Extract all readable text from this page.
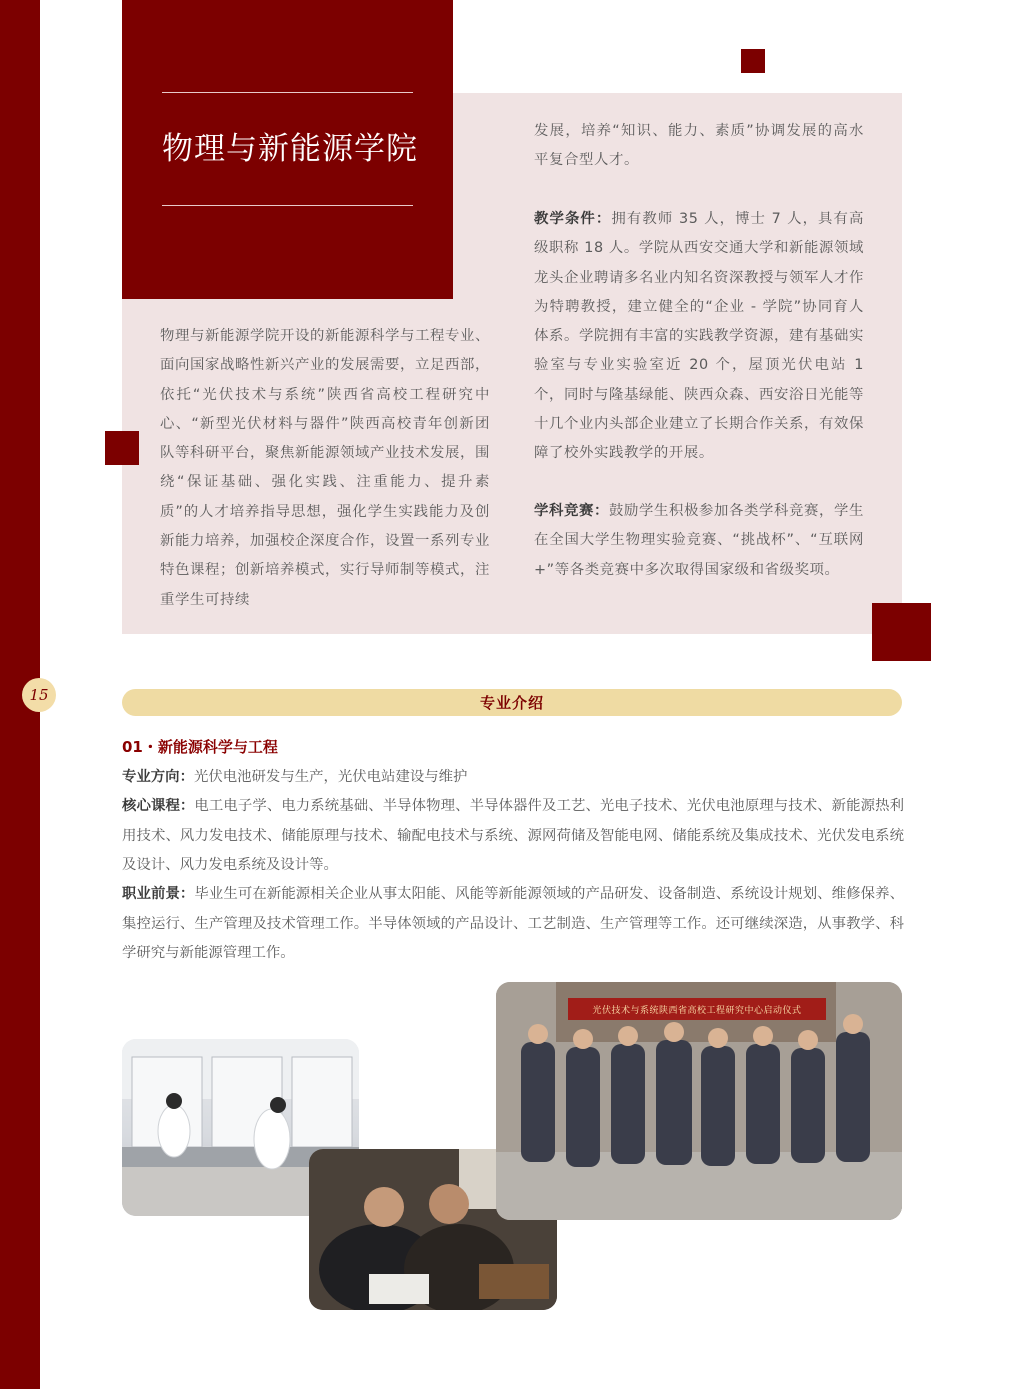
物理与新能源学院

物理与新能源学院开设的新能源科学与工程专业、面向国家战略性新兴产业的发展需要，立足西部，依托“光伏技术与系统”陕西省高校工程研究中心、“新型光伏材料与器件”陕西高校青年创新团队等科研平台，聚焦新能源领域产业技术发展，围绕“保证基础、强化实践、注重能力、提升素质”的人才培养指导思想，强化学生实践能力及创新能力培养，加强校企深度合作，设置一系列专业特色课程；创新培养模式，实行导师制等模式，注重学生可持续

发展，培养“知识、能力、素质”协调发展的高水平复合型人才。

教学条件：拥有教师 35 人，博士 7 人，具有高级职称 18 人。学院从西安交通大学和新能源领域龙头企业聘请多名业内知名资深教授与领军人才作为特聘教授，建立健全的“企业 - 学院”协同育人体系。学院拥有丰富的实践教学资源，建有基础实验室与专业实验室近 20 个，屋顶光伏电站 1 个，同时与隆基绿能、陕西众森、西安浴日光能等十几个业内头部企业建立了长期合作关系，有效保障了校外实践教学的开展。

学科竞赛：鼓励学生积极参加各类学科竞赛，学生在全国大学生物理实验竞赛、“挑战杯”、“互联网 +”等各类竞赛中多次取得国家级和省级奖项。

15	专业介绍
01・新能源科学与工程

专业方向：光伏电池研发与生产，光伏电站建设与维护

核心课程：电工电子学、电力系统基础、半导体物理、半导体器件及工艺、光电子技术、光伏电池原理与技术、新能源热利用技术、风力发电技术、储能原理与技术、输配电技术与系统、源网荷储及智能电网、储能系统及集成技术、光伏发电系统及设计、风力发电系统及设计等。

职业前景：毕业生可在新能源相关企业从事太阳能、风能等新能源领域的产品研发、设备制造、系统设计规划、维修保养、集控运行、生产管理及技术管理工作。半导体领域的产品设计、工艺制造、生产管理等工作。还可继续深造，从事教学、科学研究与新能源管理工作。

光伏技术与系统陕西省高校工程研究中心启动仪式
